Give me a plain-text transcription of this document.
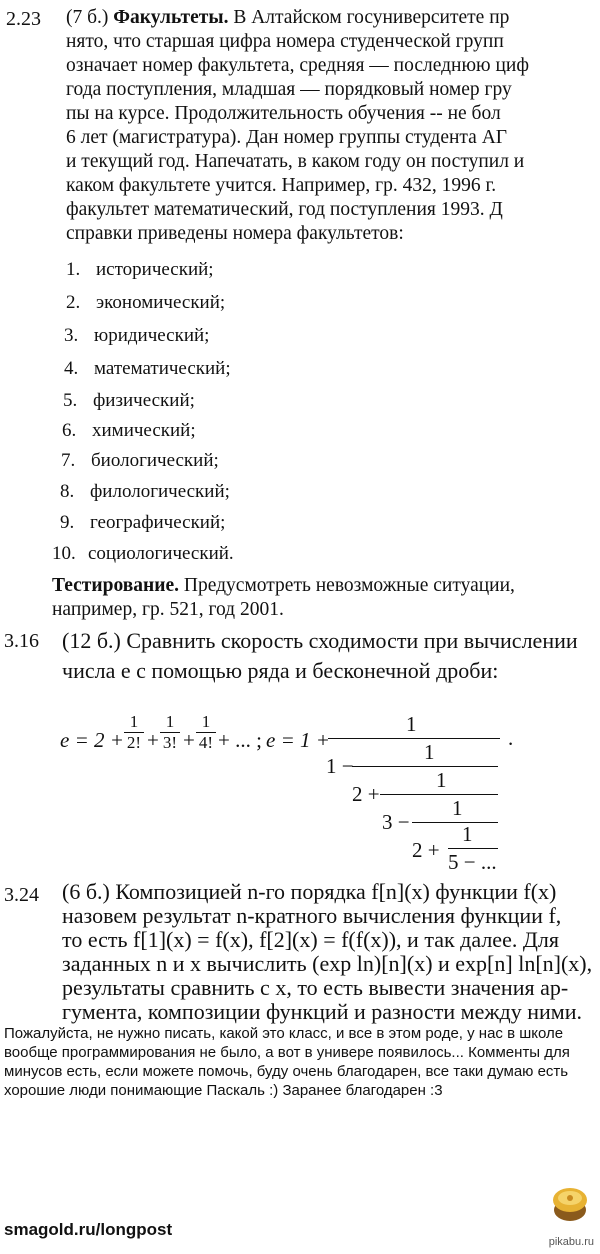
2.23 (7 б.) Факультеты. В Алтайском госуниверситете пр
нято, что старшая цифра номера студенческой групп
означает номер факультета, средняя — последнюю циф
года поступления, младшая — порядковый номер гру
пы на курсе. Продолжительность обучения -- не бол
6 лет (магистратура). Дан номер группы студента АГ
и текущий год. Напечатать, в каком году он поступил и
каком факультете учится. Например, гр. 432, 1996 г.
факультет математический, год поступления 1993. Д
справки приведены номера факультетов:
1. исторический;
2. экономический;
3. юридический;
4. математический;
5. физический;
6. химический;
7. биологический;
8. филологический;
9. географический;
10. социологический.
Тестирование. Предусмотреть невозможные ситуации,
например, гр. 521, год 2001.
3.16 (12 б.) Сравнить скорость сходимости при вычислении
числа e с помощью ряда и бесконечной дроби:
$e = 2 + \frac{1}{2!} + \frac{1}{3!} + \frac{1}{4!}$ + ... ; e = 1 +
1
.
1 −
1
2 +
1
3 −
1
2 +
1
5 − ...
3.24 (6 б.) Композицией n-го порядка f[n](x) функции f(x)
назовем результат n-кратного вычисления функции f,
то есть f[1](x) = f(x), f[2](x) = f(f(x)), и так далее. Для
заданных n и x вычислить (exp ln)[n](x) и exp[n] ln[n](x),
результаты сравнить с x, то есть вывести значения ар-
гумента, композиции функций и разности между ними.
Пожалуйста, не нужно писать, какой это класс, и все в этом роде, у нас в школе вообще программирования не было, а вот в универе появилось... Комменты для минусов есть, если можете помочь, буду очень благодарен, все таки думаю есть хорошие люди понимающие Паскаль :) Заранее благодарен :3
smagold.ru/longpost
pikabu.ru
